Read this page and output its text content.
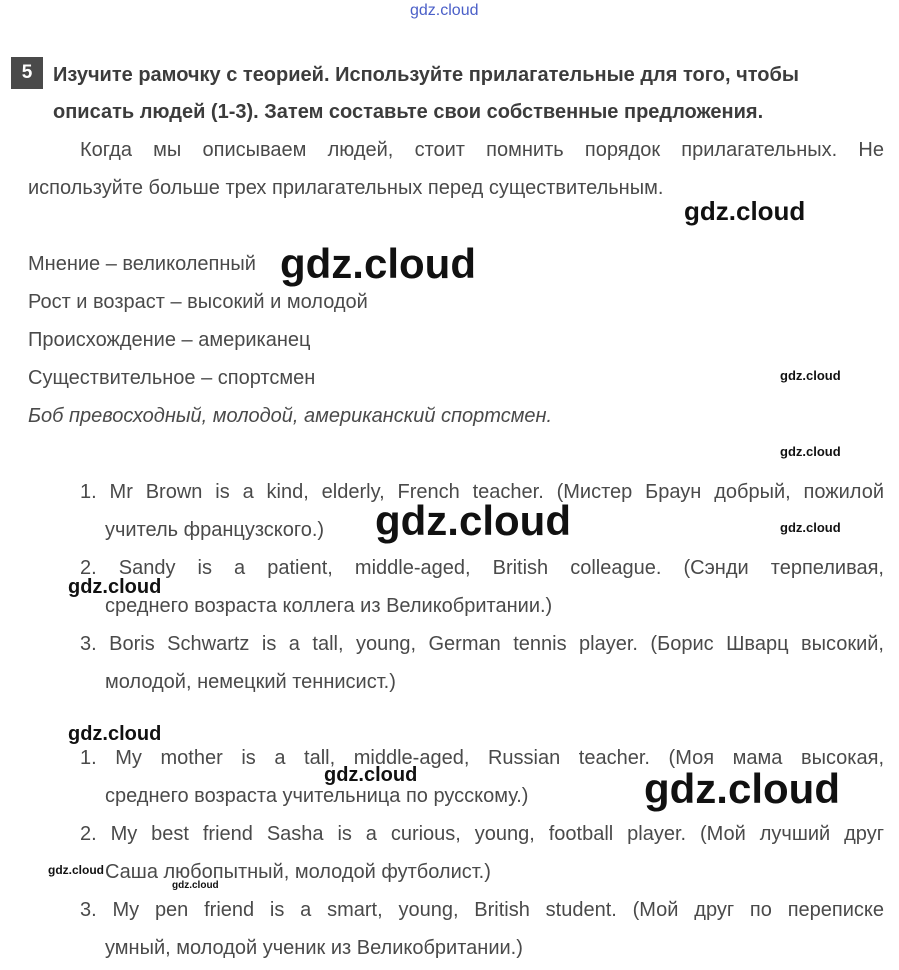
gdz.cloud
gdz.cloud
gdz.cloud
gdz.cloud
gdz.cloud
gdz.cloud	gdz.cloud
gdz.cloud
gdz.cloud
gdz.cloud	gdz.cloud
gdz.cloud
gdz.cloud
5	Изучите рамочку с теорией. Используйте прилагательные для того, чтобы
описать людей (1-3). Затем составьте свои собственные предложения.
Когда мы описываем людей, стоит помнить порядок прилагательных. Не
используйте больше трех прилагательных перед существительным.
Мнение – великолепный
Рост и возраст – высокий и молодой
Происхождение – американец
Существительное – спортсмен
Боб превосходный, молодой, американский спортсмен.
1. Mr Brown is a kind, elderly, French teacher. (Мистер Браун добрый, пожилой
учитель французского.)
2. Sandy is a patient, middle-aged, British colleague. (Сэнди терпеливая,
среднего возраста коллега из Великобритании.)
3. Boris Schwartz is a tall, young, German tennis player. (Борис Шварц высокий,
молодой, немецкий теннисист.)
1. My mother is a tall, middle-aged, Russian teacher. (Моя мама высокая,
среднего возраста учительница по русскому.)
2. My best friend Sasha is a curious, young, football player. (Мой лучший друг
Саша любопытный, молодой футболист.)
3. My pen friend is a smart, young, British student. (Мой друг по переписке
умный, молодой ученик из Великобритании.)
